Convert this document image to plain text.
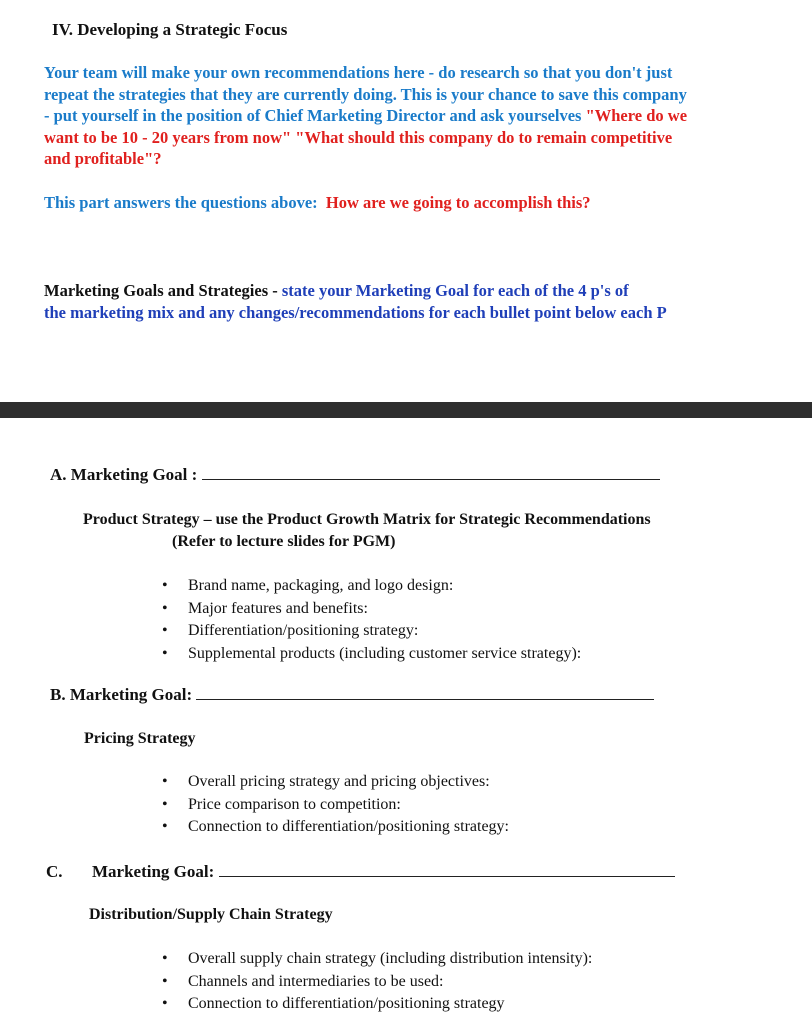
IV. Developing a Strategic Focus
Your team will make your own recommendations here - do research so that you don't just
repeat the strategies that they are currently doing. This is your chance to save this company
- put yourself in the position of Chief Marketing Director and ask yourselves "Where do we
want to be 10 - 20 years from now" "What should this company do to remain competitive
and profitable"?
This part answers the questions above: How are we going to accomplish this?
Marketing Goals and Strategies - state your Marketing Goal for each of the 4 p's of
the marketing mix and any changes/recommendations for each bullet point below each P
A. Marketing Goal :
Product Strategy – use the Product Growth Matrix for Strategic Recommendations
(Refer to lecture slides for PGM)
• Brand name, packaging, and logo design:
• Major features and benefits:
• Differentiation/positioning strategy:
• Supplemental products (including customer service strategy):
B. Marketing Goal:
Pricing Strategy
• Overall pricing strategy and pricing objectives:
• Price comparison to competition:
• Connection to differentiation/positioning strategy:
C. Marketing Goal:
Distribution/Supply Chain Strategy
• Overall supply chain strategy (including distribution intensity):
• Channels and intermediaries to be used:
• Connection to differentiation/positioning strategy
